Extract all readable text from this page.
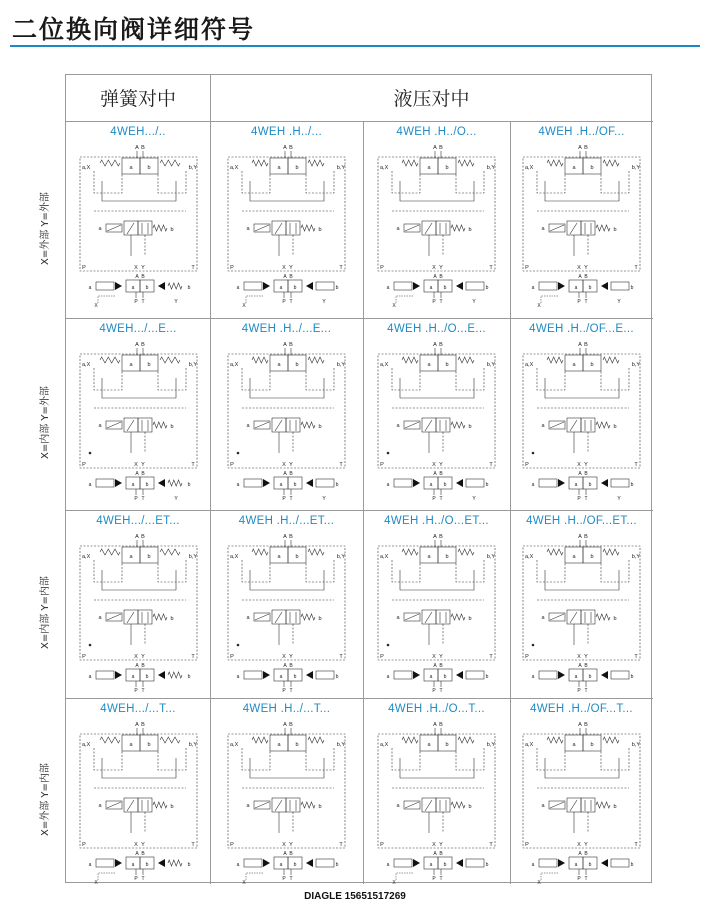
二位换向阀详细符号
弹簧对中	液压对中
X=外部 Y=外部
4WEH.../..
A B
a	b
a,X	b,Y
a	b
P	X Y	T
A B
a b
a	b
P T
X
Y
4WEH .H../...
A B
a	b
a,X	b,Y
a	b
P	X Y	T
A B
a b
a	b
P T
X
Y
4WEH .H../O...
A B
a	b
a,X	b,Y
a	b
P	X Y	T
A B
a b
a	b
P T
X
Y
4WEH .H../OF...
A B
a	b
a,X	b,Y
a	b
P	X Y	T
A B
a b
a	b
P T
X
Y
X=内部 Y=外部
4WEH.../...E...
A B
a	b
a,X	b,Y
a	b
P	X Y	T
A B
a b
a	b
P T	Y
4WEH .H../...E...
A B
a	b
a,X	b,Y
a	b
P	X Y	T
A B
a b
a	b
P T	Y
4WEH .H../O...E...
A B
a	b
a,X	b,Y
a	b
P	X Y	T
A B
a b
a	b
P T	Y
4WEH .H../OF...E...
A B
a	b
a,X	b,Y
a	b
P	X Y	T
A B
a b
a	b
P T	Y
X=内部 Y=内部
4WEH.../...ET...
A B
a	b
a,X	b,Y
a	b
P	X Y	T
A B
a b
a	b
P T
4WEH .H../...ET...
A B
a	b
a,X	b,Y
a	b
P	X Y	T
A B
a b
a	b
P T
4WEH .H../O...ET...
A B
a	b
a,X	b,Y
a	b
P	X Y	T
A B
a b
a	b
P T
4WEH .H../OF...ET...
A B
a	b
a,X	b,Y
a	b
P	X Y	T
A B
a b
a	b
P T
X=外部 Y=内部
4WEH.../...T...
A B
a	b
a,X	b,Y
a	b
P	X Y	T
A B
a b
a	b
P T
X
4WEH .H../...T...
A B
a	b
a,X	b,Y
a	b
P	X Y	T
A B
a b
a	b
P T
X
4WEH .H../O...T...
A B
a	b
a,X	b,Y
a	b
P	X Y	T
A B
a b
a	b
P T
X
4WEH .H../OF...T...
A B
a	b
a,X	b,Y
a	b
P	X Y	T
A B
a b
a	b
P T
X
DIAGLE 15651517269
